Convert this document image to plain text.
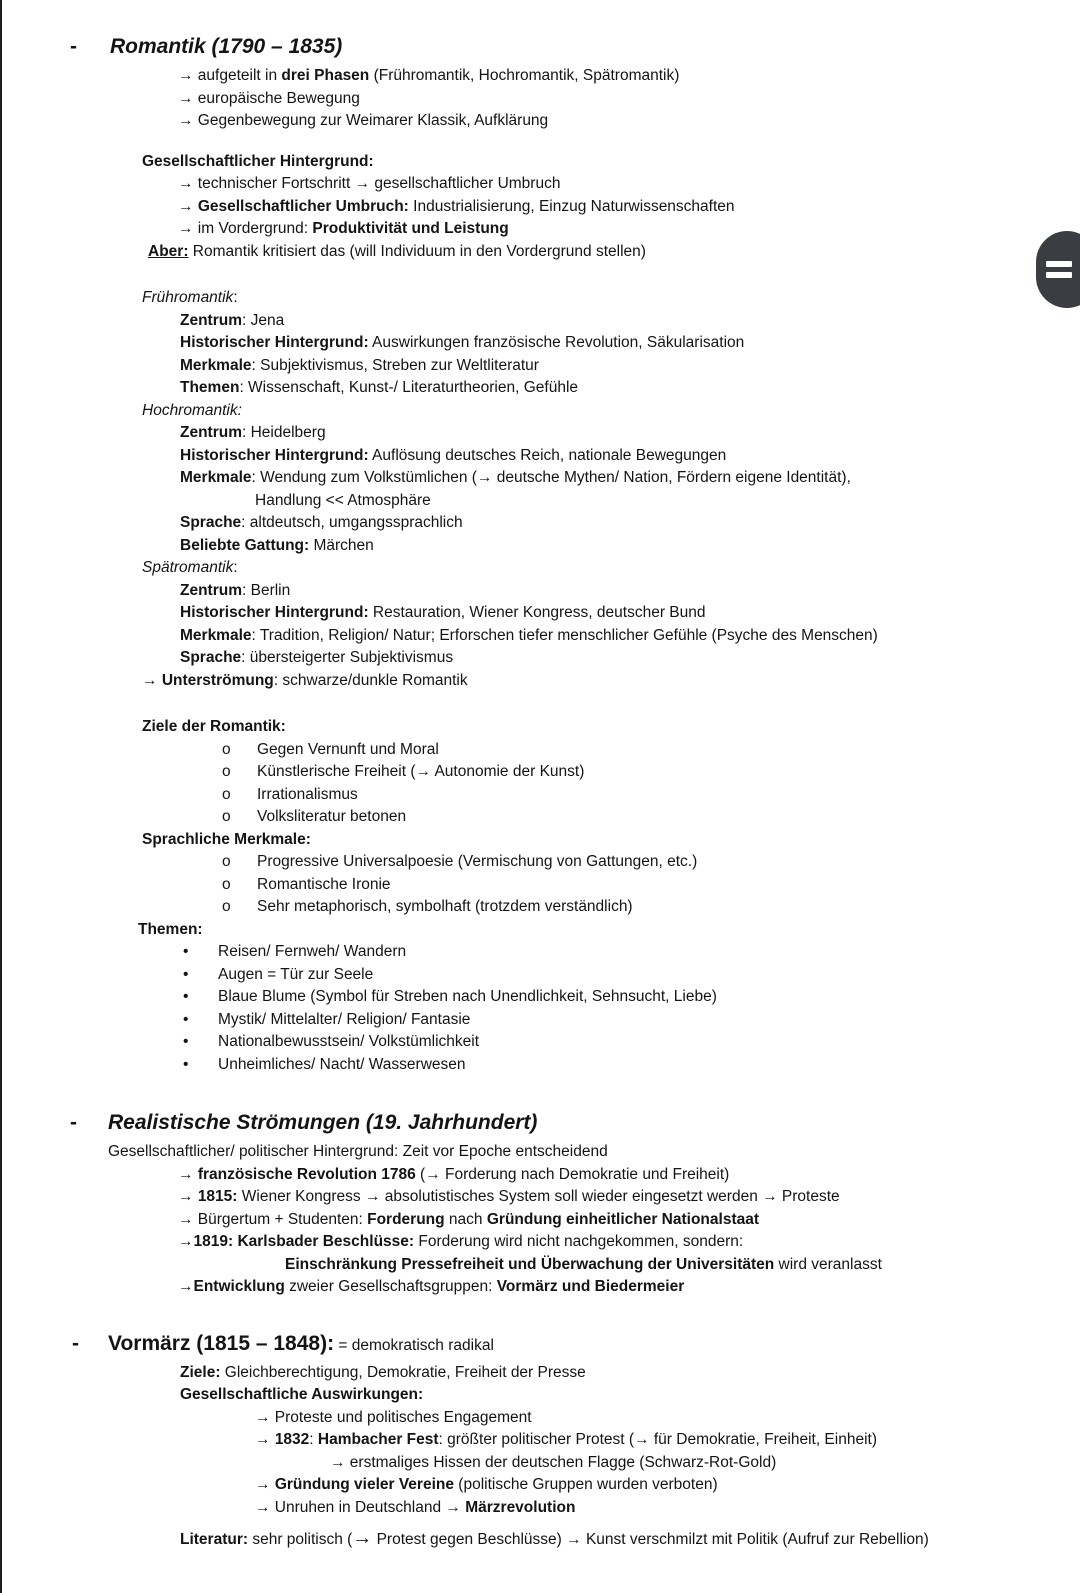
- Romantik (1790 – 1835)
→ aufgeteilt in drei Phasen (Frühromantik, Hochromantik, Spätromantik)
→ europäische Bewegung
→ Gegenbewegung zur Weimarer Klassik, Aufklärung
Gesellschaftlicher Hintergrund:
→ technischer Fortschritt → gesellschaftlicher Umbruch
→ Gesellschaftlicher Umbruch: Industrialisierung, Einzug Naturwissenschaften
→ im Vordergrund: Produktivität und Leistung
Aber: Romantik kritisiert das (will Individuum in den Vordergrund stellen)
Frühromantik:
Zentrum: Jena
Historischer Hintergrund: Auswirkungen französische Revolution, Säkularisation
Merkmale: Subjektivismus, Streben zur Weltliteratur
Themen: Wissenschaft, Kunst-/ Literaturtheorien, Gefühle
Hochromantik:
Zentrum: Heidelberg
Historischer Hintergrund: Auflösung deutsches Reich, nationale Bewegungen
Merkmale: Wendung zum Volkstümlichen (→ deutsche Mythen/ Nation, Fördern eigene Identität),
Handlung << Atmosphäre
Sprache: altdeutsch, umgangssprachlich
Beliebte Gattung: Märchen
Spätromantik:
Zentrum: Berlin
Historischer Hintergrund: Restauration, Wiener Kongress, deutscher Bund
Merkmale: Tradition, Religion/ Natur; Erforschen tiefer menschlicher Gefühle (Psyche des Menschen)
Sprache: übersteigerter Subjektivismus
→ Unterströmung: schwarze/dunkle Romantik
Ziele der Romantik:
o Gegen Vernunft und Moral
o Künstlerische Freiheit (→ Autonomie der Kunst)
o Irrationalismus
o Volksliteratur betonen
Sprachliche Merkmale:
o Progressive Universalpoesie (Vermischung von Gattungen, etc.)
o Romantische Ironie
o Sehr metaphorisch, symbolhaft (trotzdem verständlich)
Themen:
• Reisen/ Fernweh/ Wandern
• Augen = Tür zur Seele
• Blaue Blume (Symbol für Streben nach Unendlichkeit, Sehnsucht, Liebe)
• Mystik/ Mittelalter/ Religion/ Fantasie
• Nationalbewusstsein/ Volkstümlichkeit
• Unheimliches/ Nacht/ Wasserwesen
- Realistische Strömungen (19. Jahrhundert)
Gesellschaftlicher/ politischer Hintergrund: Zeit vor Epoche entscheidend
→ französische Revolution 1786 (→ Forderung nach Demokratie und Freiheit)
→ 1815: Wiener Kongress → absolutistisches System soll wieder eingesetzt werden → Proteste
→ Bürgertum + Studenten: Forderung nach Gründung einheitlicher Nationalstaat
→1819: Karlsbader Beschlüsse: Forderung wird nicht nachgekommen, sondern:
Einschränkung Pressefreiheit und Überwachung der Universitäten wird veranlasst
→Entwicklung zweier Gesellschaftsgruppen: Vormärz und Biedermeier
- Vormärz (1815 – 1848): = demokratisch radikal
Ziele: Gleichberechtigung, Demokratie, Freiheit der Presse
Gesellschaftliche Auswirkungen:
→ Proteste und politisches Engagement
→ 1832: Hambacher Fest: größter politischer Protest (→ für Demokratie, Freiheit, Einheit)
→ erstmaliges Hissen der deutschen Flagge (Schwarz-Rot-Gold)
→ Gründung vieler Vereine (politische Gruppen wurden verboten)
→ Unruhen in Deutschland → Märzrevolution
Literatur: sehr politisch (→ Protest gegen Beschlüsse) → Kunst verschmilzt mit Politik (Aufruf zur Rebellion)
